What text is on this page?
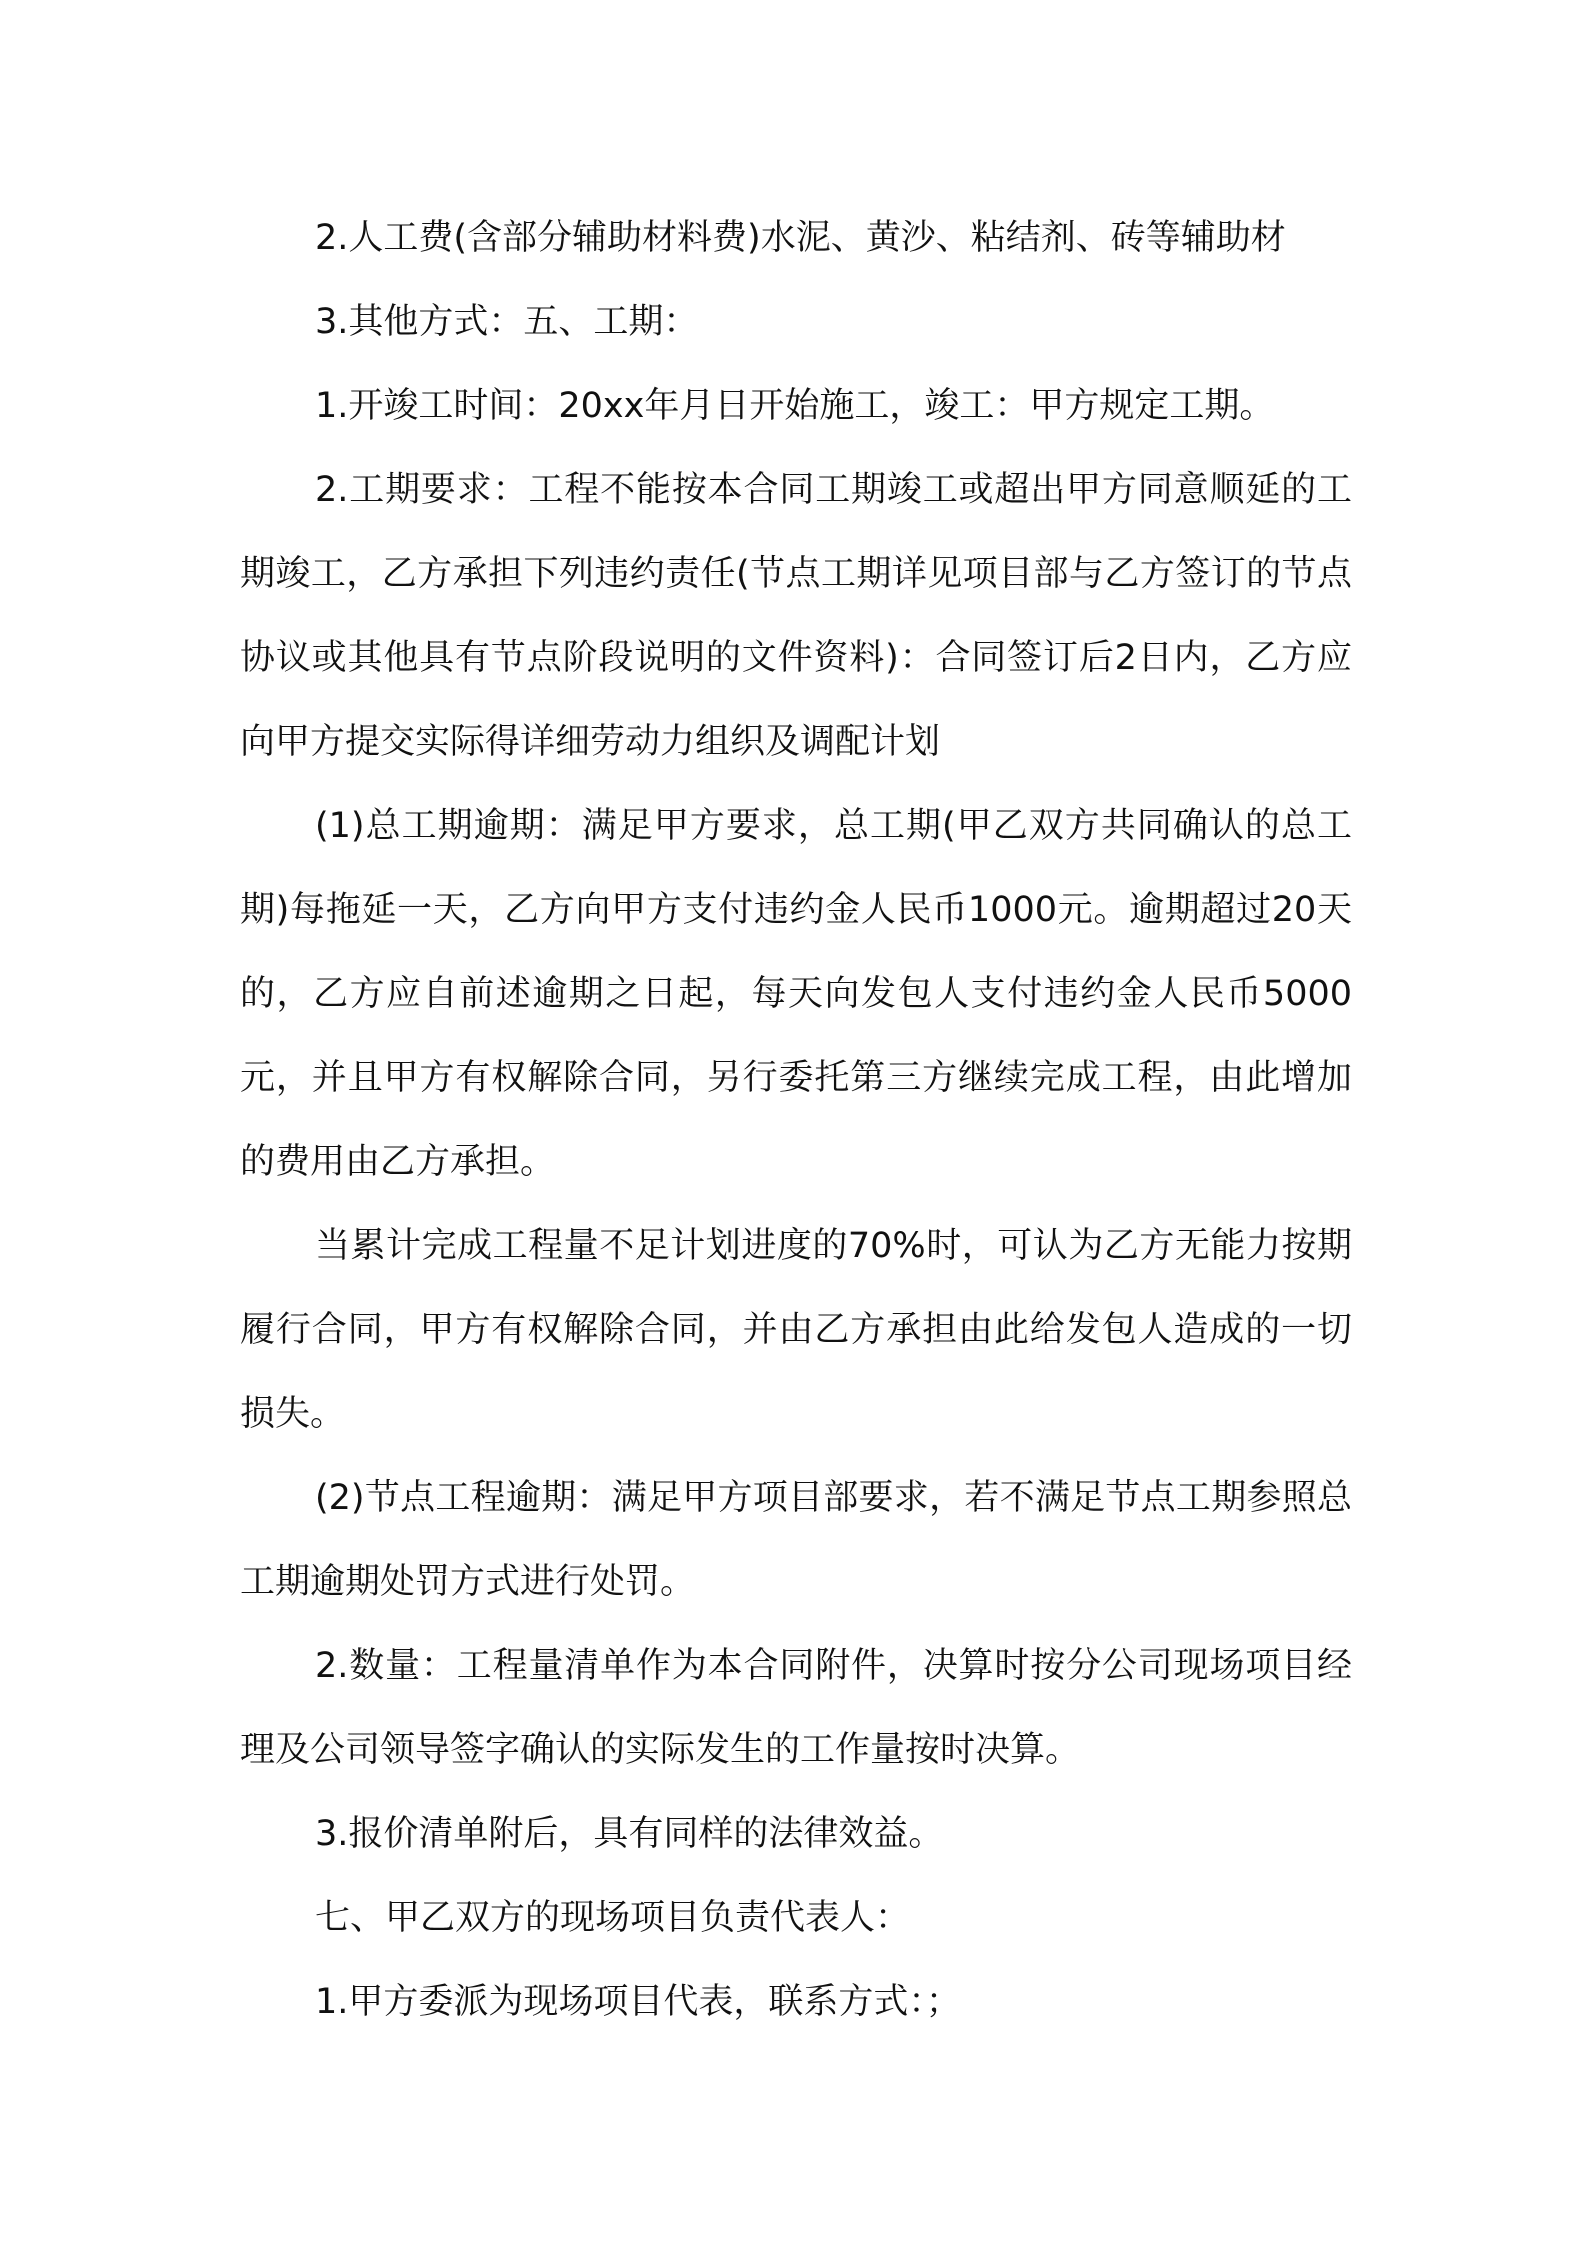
2.人工费(含部分辅助材料费)水泥、黄沙、粘结剂、砖等辅助材

3.其他方式：五、工期：

1.开竣工时间：20xx年月日开始施工，竣工：甲方规定工期。

2.工期要求：工程不能按本合同工期竣工或超出甲方同意顺延的工期竣工，乙方承担下列违约责任(节点工期详见项目部与乙方签订的节点协议或其他具有节点阶段说明的文件资料)：合同签订后2日内，乙方应向甲方提交实际得详细劳动力组织及调配计划

(1)总工期逾期：满足甲方要求，总工期(甲乙双方共同确认的总工期)每拖延一天，乙方向甲方支付违约金人民币1000元。逾期超过20天的，乙方应自前述逾期之日起，每天向发包人支付违约金人民币5000元，并且甲方有权解除合同，另行委托第三方继续完成工程，由此增加的费用由乙方承担。

当累计完成工程量不足计划进度的70%时，可认为乙方无能力按期履行合同，甲方有权解除合同，并由乙方承担由此给发包人造成的一切损失。

(2)节点工程逾期：满足甲方项目部要求，若不满足节点工期参照总工期逾期处罚方式进行处罚。

2.数量：工程量清单作为本合同附件，决算时按分公司现场项目经理及公司领导签字确认的实际发生的工作量按时决算。

3.报价清单附后，具有同样的法律效益。

七、甲乙双方的现场项目负责代表人：

1.甲方委派为现场项目代表，联系方式：；
